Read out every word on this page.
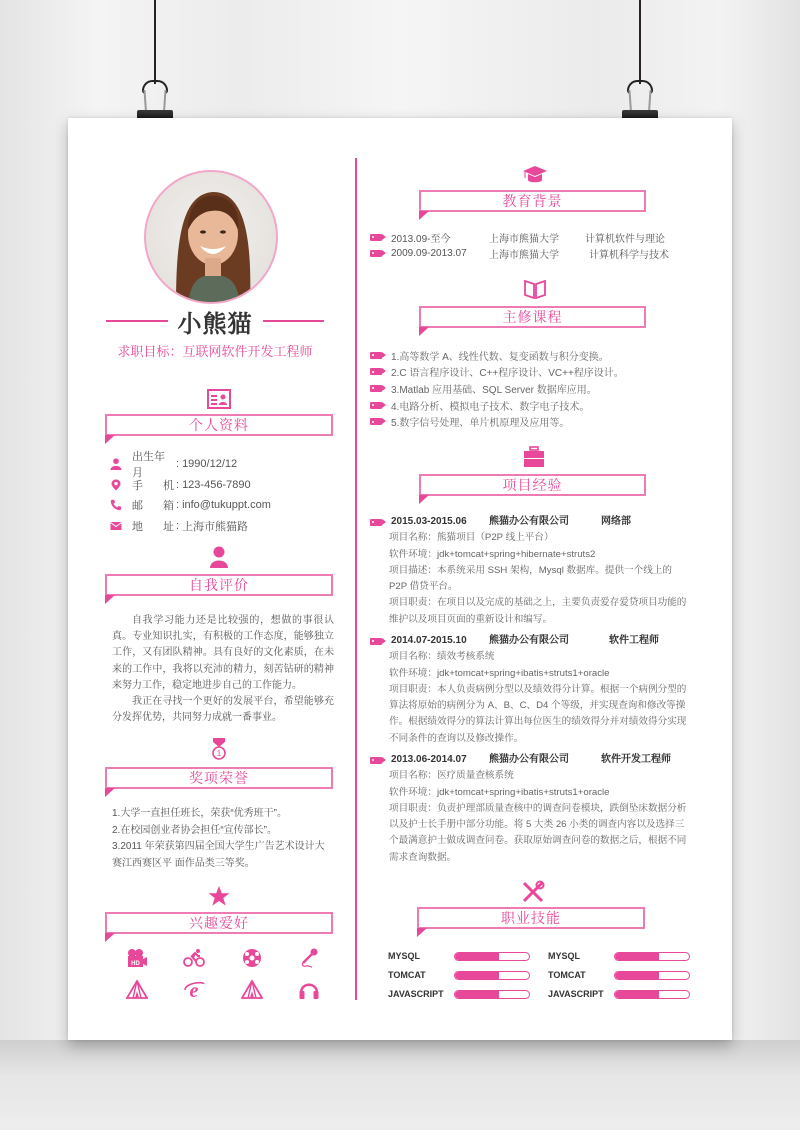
小熊猫
求职目标：互联网软件开发工程师
个人资料
出生年月
: 1990/12/12
手 机 : 123-456-7890
邮 箱 : info@tukuppt.com
地 址 : 上海市熊猫路
自我评价

自我学习能力还是比较强的，想做的事很认真。专业知识扎实，有积极的工作态度，能够独立工作，又有团队精神。具有良好的文化素质，在未来的工作中，我将以充沛的精力，刻苦钻研的精神来努力工作，稳定地进步自己的工作能力。

我正在寻找一个更好的发展平台，希望能够充分发挥优势，共同努力成就一番事业。

1
奖项荣誉
1.大学一直担任班长，荣获“优秀班干”。
2.在校园创业者协会担任“宣传部长”。
3.2011 年荣获第四届全国大学生广告艺术设计大赛江西赛区平 面作品类三等奖。
兴趣爱好
HD
e
教育背景
2013.09-至今	上海市熊猫大学	计算机软件与理论
2009.09-2013.07	上海市熊猫大学	计算机科学与技术
主修课程
1.高等数学 A、线性代数、复变函数与积分变换。
2.C 语言程序设计、C++程序设计、VC++程序设计。
3.Matlab 应用基础、SQL Server 数据库应用。
4.电路分析、模拟电子技术、数字电子技术。
5.数字信号处理、单片机原理及应用等。
项目经验
2015.03-2015.06	熊猫办公有限公司	网络部
项目名称：熊猫项目（P2P 线上平台）
软件环境：jdk+tomcat+spring+hibernate+struts2
项目描述：本系统采用 SSH 架构，Mysql 数据库。提供一个线上的 P2P 借贷平台。
项目职责：在项目以及完成的基础之上，主要负责爱存爱贷项目功能的维护以及项目页面的重新设计和编写。
2014.07-2015.10	熊猫办公有限公司	软件工程师
项目名称：绩效考核系统
软件环境：jdk+tomcat+spring+ibatis+struts1+oracle
项目职责：本人负责病例分型以及绩效得分计算。根据一个病例分型的算法将原始的病例分为 A、B、C、D4 个等级，并实现查询和修改等操作。根据绩效得分的算法计算出每位医生的绩效得分并对绩效得分实现不同条件的查询以及修改操作。
2013.06-2014.07	熊猫办公有限公司	软件开发工程师
项目名称：医疗质量查核系统
软件环境：jdk+tomcat+spring+ibatis+struts1+oracle
项目职责：负责护理部质量查核中的调查问卷模块，跌倒坠床数据分析以及护士长手册中部分功能。将 5 大类 26 小类的调查内容以及选择三个最满意护士做成调查问卷。获取原始调查问卷的数据之后，根据不同需求查询数据。
职业技能
MYSQL	MYSQL
TOMCAT	TOMCAT
JAVASCRIPT	JAVASCRIPT
